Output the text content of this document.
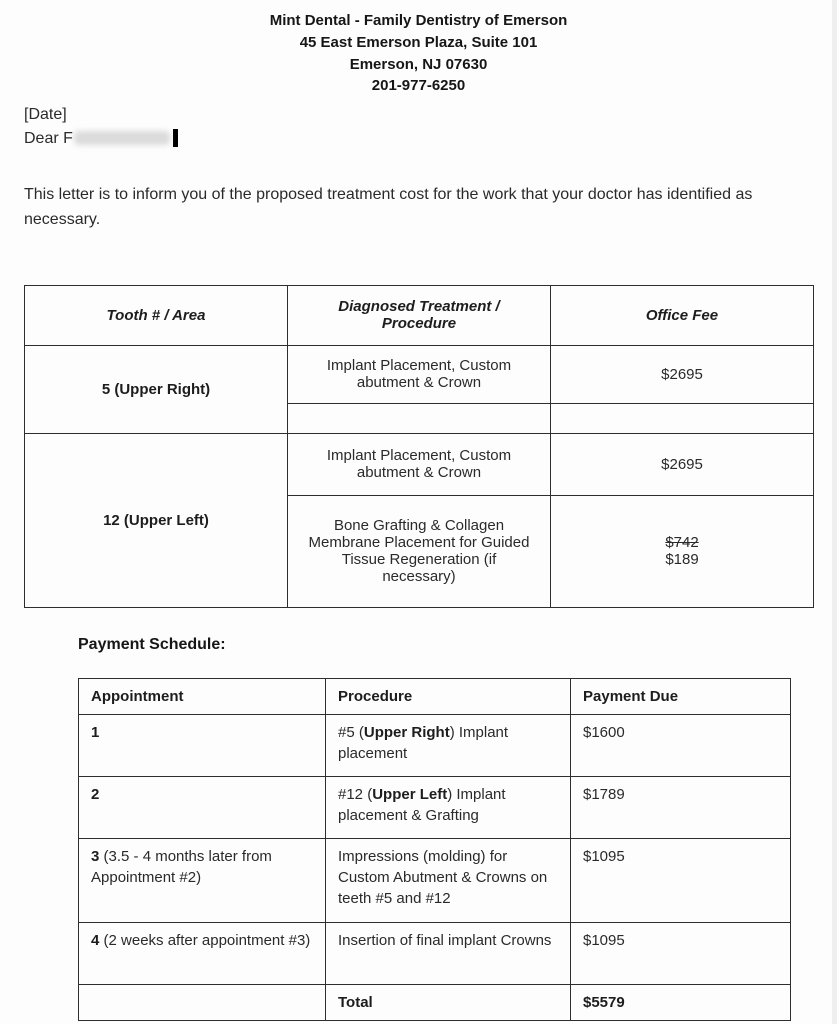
Mint Dental - Family Dentistry of Emerson
45 East Emerson Plaza, Suite 101
Emerson, NJ 07630
201-977-6250
[Date]
Dear F

This letter is to inform you of the proposed treatment cost for the work that your doctor has identified as necessary.

Tooth # / Area	Diagnosed Treatment / Procedure	Office Fee
5 (Upper Right)	Implant Placement, Custom abutment & Crown	$2695

12 (Upper Left)	Implant Placement, Custom abutment & Crown	$2695
	Bone Grafting & Collagen Membrane Placement for Guided Tissue Regeneration (if necessary)	$742
$189
Payment Schedule:
Appointment	Procedure	Payment Due
1	#5 (Upper Right) Implant placement	$1600
2	#12 (Upper Left) Implant placement & Grafting	$1789
3 (3.5 - 4 months later from Appointment #2)	Impressions (molding) for Custom Abutment & Crowns on teeth #5 and #12	$1095
4 (2 weeks after appointment #3)	Insertion of final implant Crowns	$1095
	Total	$5579
